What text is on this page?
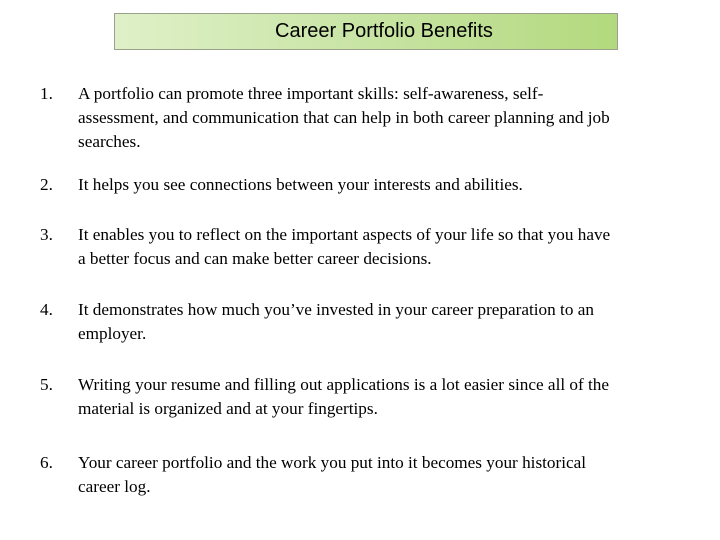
Career Portfolio Benefits
1. A portfolio can promote three important skills: self-awareness, self-
assessment, and communication that can help in both career planning and job
searches.
2. It helps you see connections between your interests and abilities.
3. It enables you to reflect on the important aspects of your life so that you have
a better focus and can make better career decisions.
4. It demonstrates how much you’ve invested in your career preparation to an
employer.
5. Writing your resume and filling out applications is a lot easier since all of the
material is organized and at your fingertips.
6. Your career portfolio and the work you put into it becomes your historical
career log.
